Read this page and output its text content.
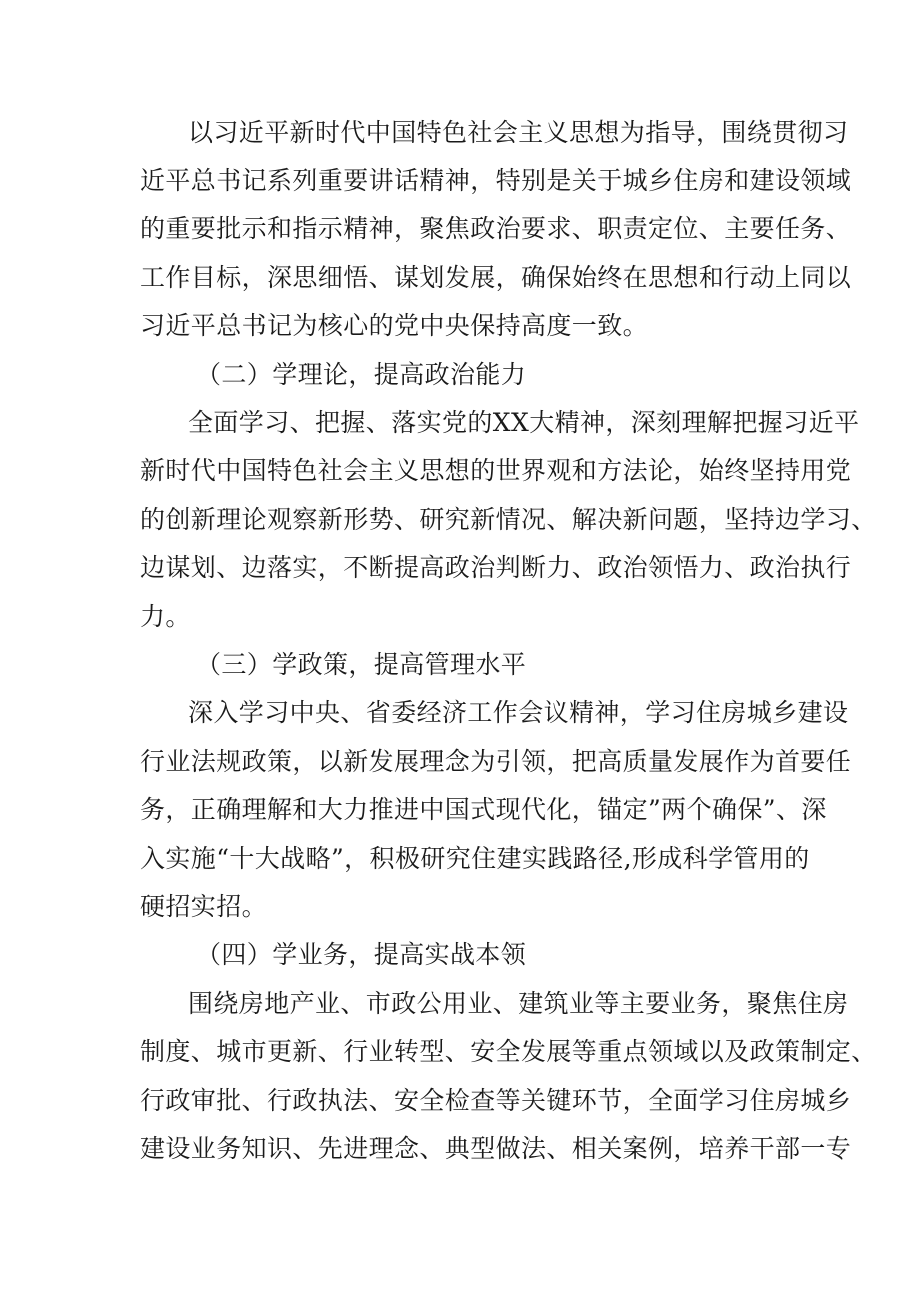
以习近平新时代中国特色社会主义思想为指导，围绕贯彻习
近平总书记系列重要讲话精神，特别是关于城乡住房和建设领域
的重要批示和指示精神，聚焦政治要求、职责定位、主要任务、
工作目标，深思细悟、谋划发展，确保始终在思想和行动上同以
习近平总书记为核心的党中央保持高度一致。
（二）学理论，提高政治能力
全面学习、把握、落实党的XX大精神，深刻理解把握习近平
新时代中国特色社会主义思想的世界观和方法论，始终坚持用党
的创新理论观察新形势、研究新情况、解决新问题，坚持边学习、
边谋划、边落实，不断提高政治判断力、政治领悟力、政治执行
力。
（三）学政策，提高管理水平
深入学习中央、省委经济工作会议精神，学习住房城乡建设
行业法规政策，以新发展理念为引领，把高质量发展作为首要任
务，正确理解和大力推进中国式现代化，锚定”两个确保”、深
入实施“十大战略”，积极研究住建实践路径,形成科学管用的
硬招实招。
（四）学业务，提高实战本领
围绕房地产业、市政公用业、建筑业等主要业务，聚焦住房
制度、城市更新、行业转型、安全发展等重点领域以及政策制定、
行政审批、行政执法、安全检查等关键环节，全面学习住房城乡
建设业务知识、先进理念、典型做法、相关案例，培养干部一专
